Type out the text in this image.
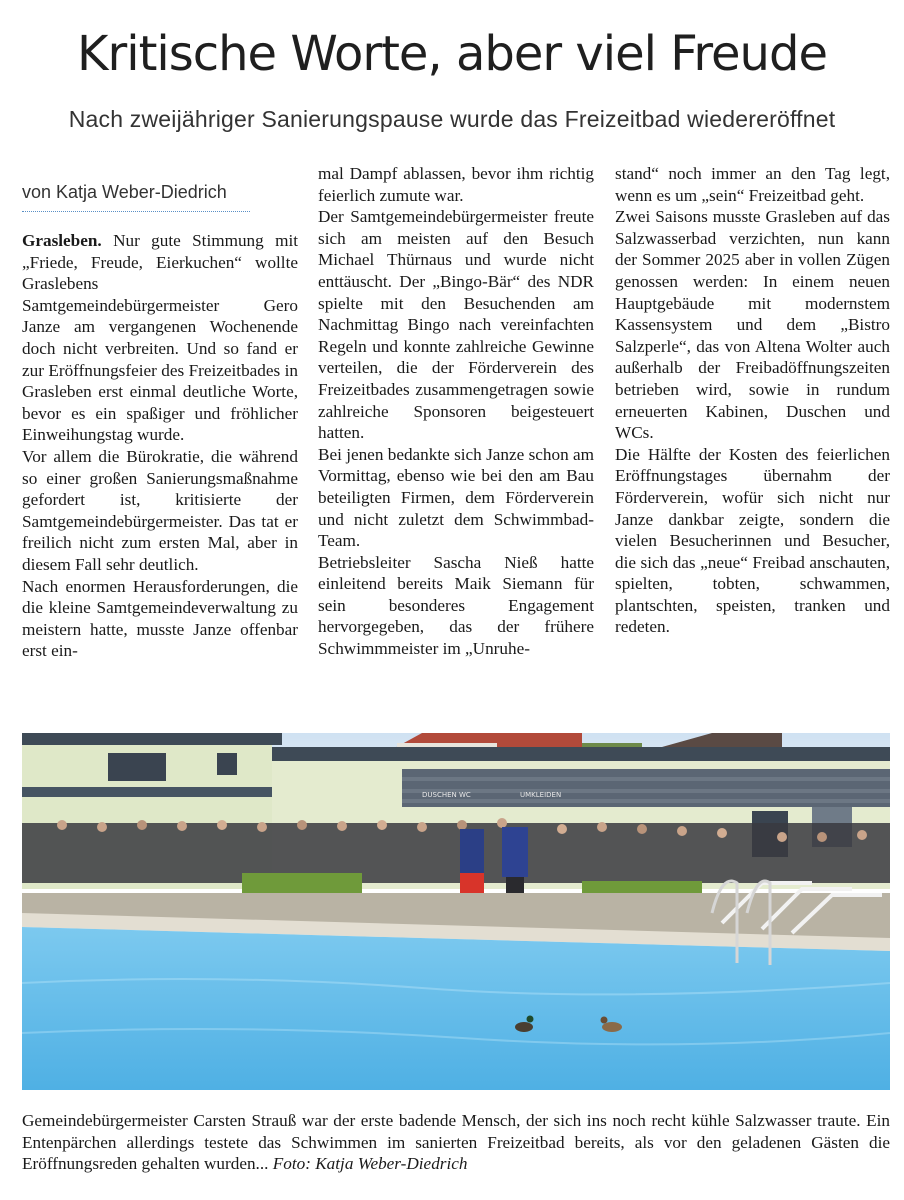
Kritische Worte, aber viel Freude
Nach zweijähriger Sanierungspause wurde das Freizeitbad wiedereröffnet
von Katja Weber-Diedrich

Grasleben. Nur gute Stimmung mit „Friede, Freude, Eierkuchen“ wollte Graslebens Samtgemeindebürgermeister Gero Janze am vergangenen Wochenende doch nicht verbreiten. Und so fand er zur Eröffnungsfeier des Freizeitbades in Grasleben erst einmal deutliche Worte, bevor es ein spaßiger und fröhlicher Einweihungstag wurde.

Vor allem die Bürokratie, die während so einer großen Sanierungsmaßnahme gefordert ist, kritisierte der Samtgemeindebürgermeister. Das tat er freilich nicht zum ersten Mal, aber in diesem Fall sehr deutlich.

Nach enormen Herausforderungen, die die kleine Samtgemeindeverwaltung zu meistern hatte, musste Janze offenbar erst ein-

mal Dampf ablassen, bevor ihm richtig feierlich zumute war.

Der Samtgemeindebürgermeister freute sich am meisten auf den Besuch Michael Thürnaus und wurde nicht enttäuscht. Der „Bingo-Bär“ des NDR spielte mit den Besuchenden am Nachmittag Bingo nach vereinfachten Regeln und konnte zahlreiche Gewinne verteilen, die der Förderverein des Freizeitbades zusammengetragen sowie zahlreiche Sponsoren beigesteuert hatten.

Bei jenen bedankte sich Janze schon am Vormittag, ebenso wie bei den am Bau beteiligten Firmen, dem Förderverein und nicht zuletzt dem Schwimmbad-Team.

Betriebsleiter Sascha Nieß hatte einleitend bereits Maik Siemann für sein besonderes Engagement hervorgegeben, das der frühere Schwimmmeister im „Unruhe-

stand“ noch immer an den Tag legt, wenn es um „sein“ Freizeitbad geht.

Zwei Saisons musste Grasleben auf das Salzwasserbad verzichten, nun kann der Sommer 2025 aber in vollen Zügen genossen werden: In einem neuen Hauptgebäude mit modernstem Kassensystem und dem „Bistro Salzperle“, das von Altena Wolter auch außerhalb der Freibadöffnungszeiten betrieben wird, sowie in rundum erneuerten Kabinen, Duschen und WCs.

Die Hälfte der Kosten des feierlichen Eröffnungstages übernahm der Förderverein, wofür sich nicht nur Janze dankbar zeigte, sondern die vielen Besucherinnen und Besucher, die sich das „neue“ Freibad anschauten, spielten, tobten, schwammen, plantschten, speisten, tranken und redeten.

DUSCHEN WC	UMKLEIDEN
Gemeindebürgermeister Carsten Strauß war der erste badende Mensch, der sich ins noch recht kühle Salzwasser traute. Ein Entenpärchen allerdings testete das Schwimmen im sanierten Freizeitbad bereits, als vor den geladenen Gästen die Eröffnungsreden gehalten wurden... Foto: Katja Weber-Diedrich
